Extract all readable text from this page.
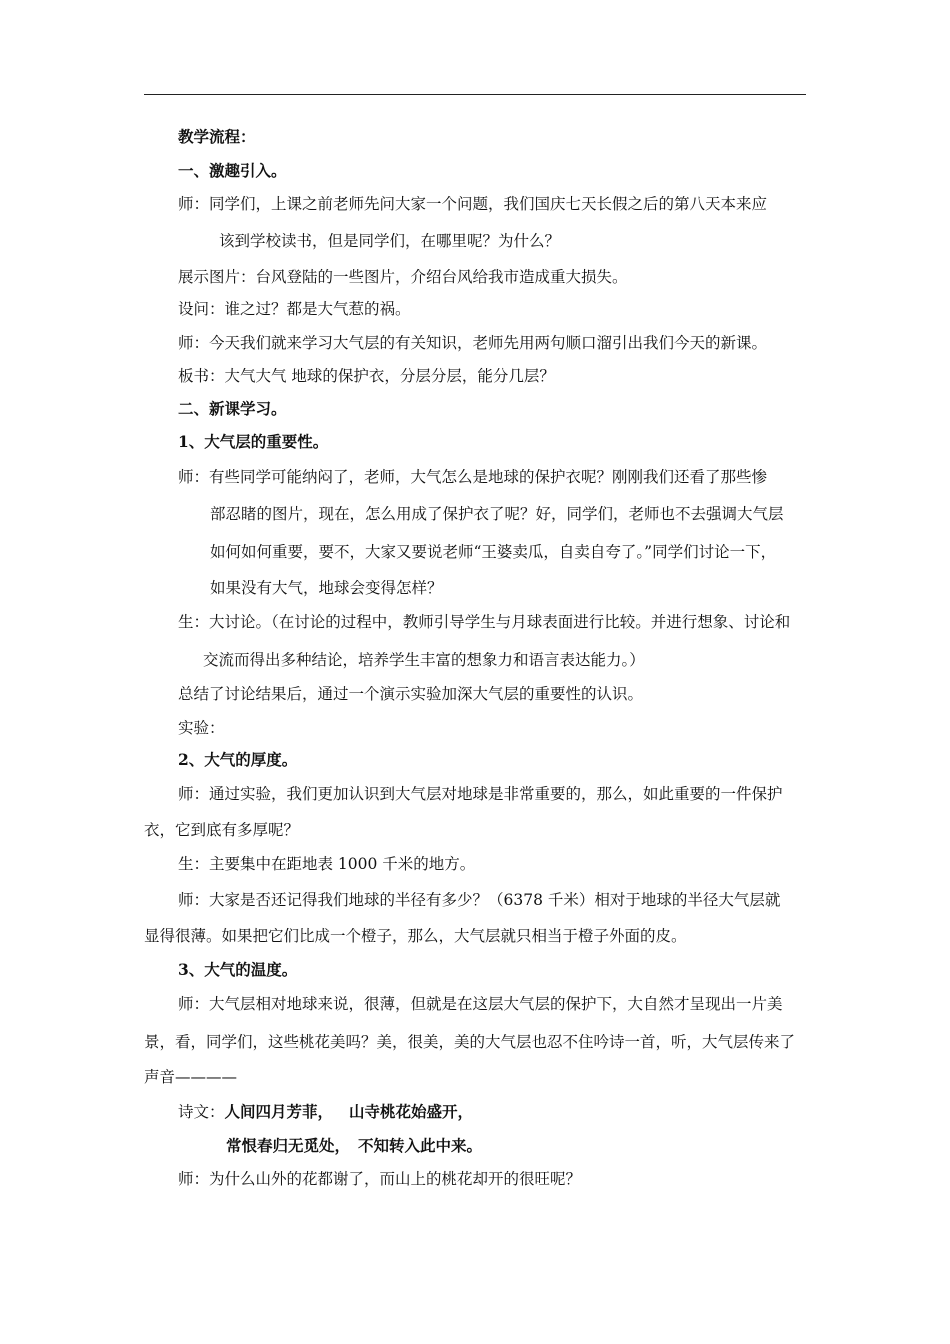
教学流程：
一、激趣引入。
师：同学们，上课之前老师先问大家一个问题，我们国庆七天长假之后的第八天本来应
该到学校读书，但是同学们，在哪里呢？为什么？
展示图片：台风登陆的一些图片，介绍台风给我市造成重大损失。
设问：谁之过？都是大气惹的祸。
师：今天我们就来学习大气层的有关知识，老师先用两句顺口溜引出我们今天的新课。
板书：大气大气 地球的保护衣，分层分层，能分几层？
二、新课学习。
1、大气层的重要性。
师：有些同学可能纳闷了，老师，大气怎么是地球的保护衣呢？刚刚我们还看了那些惨
部忍睹的图片，现在，怎么用成了保护衣了呢？好，同学们，老师也不去强调大气层
如何如何重要，要不，大家又要说老师“王婆卖瓜，自卖自夸了。”同学们讨论一下，
如果没有大气，地球会变得怎样？
生：大讨论。（在讨论的过程中，教师引导学生与月球表面进行比较。并进行想象、讨论和
交流而得出多种结论，培养学生丰富的想象力和语言表达能力。）
总结了讨论结果后，通过一个演示实验加深大气层的重要性的认识。
实验：
2、大气的厚度。
师：通过实验，我们更加认识到大气层对地球是非常重要的，那么，如此重要的一件保护
衣，它到底有多厚呢？
生：主要集中在距地表 1000 千米的地方。
师：大家是否还记得我们地球的半径有多少？（6378 千米）相对于地球的半径大气层就
显得很薄。如果把它们比成一个橙子，那么，大气层就只相当于橙子外面的皮。
3、大气的温度。
师：大气层相对地球来说，很薄，但就是在这层大气层的保护下，大自然才呈现出一片美
景，看，同学们，这些桃花美吗？美，很美，美的大气层也忍不住吟诗一首，听，大气层传来了
声音————
诗文：人间四月芳菲， 山寺桃花始盛开，
常恨春归无觅处， 不知转入此中来。
师：为什么山外的花都谢了，而山上的桃花却开的很旺呢？
